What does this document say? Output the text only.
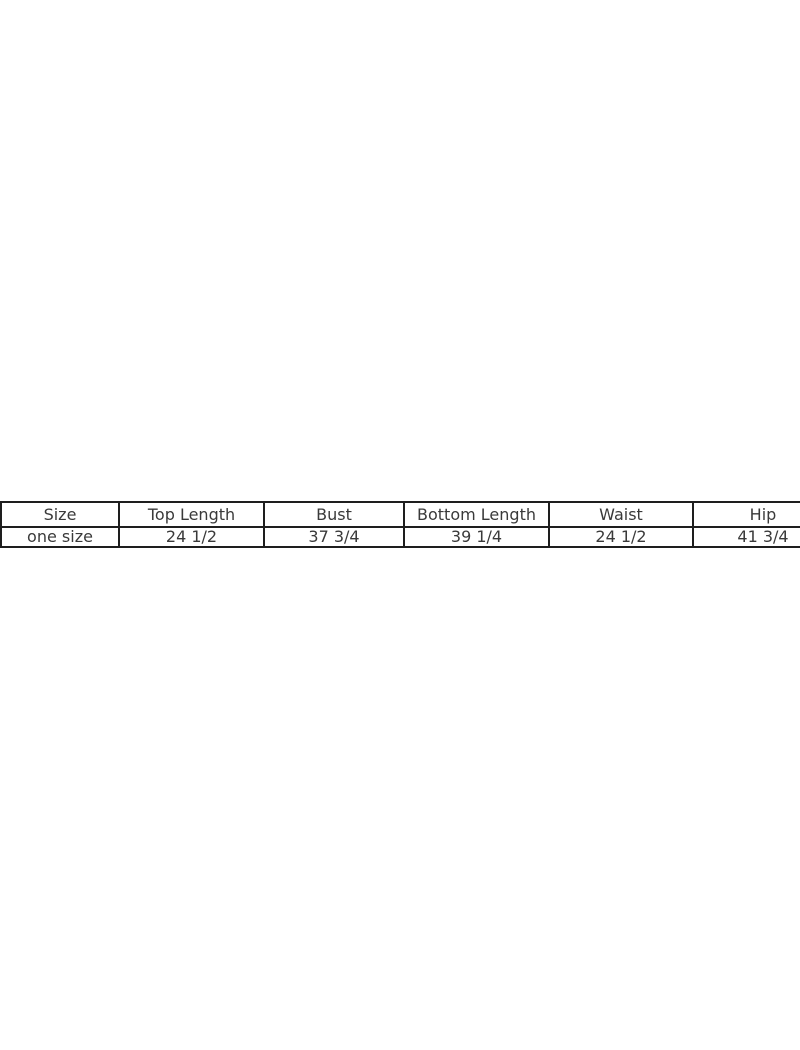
Size	Top Length	Bust	Bottom Length	Waist	Hip
one size	24 1/2	37 3/4	39 1/4	24 1/2	41 3/4
